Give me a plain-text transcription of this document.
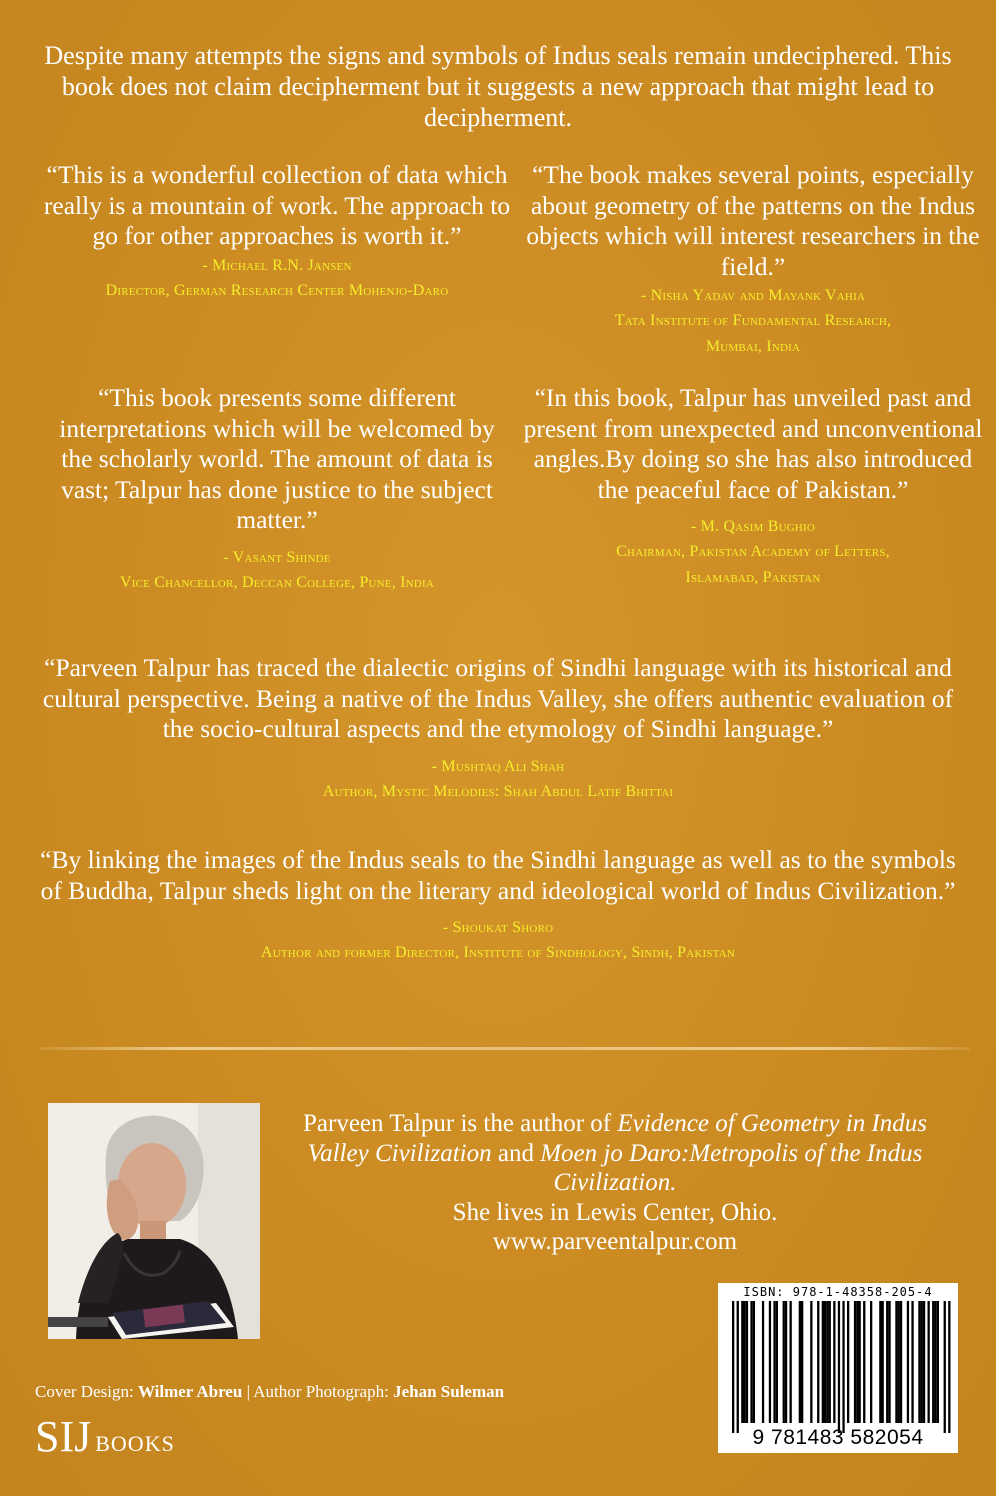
Despite many attempts the signs and symbols of Indus seals remain undeciphered. This book does not claim decipherment but it suggests a new approach that might lead to decipherment.
“This is a wonderful collection of data which really is a mountain of work. The approach to go for other approaches is worth it.”
- Michael R.N. Jansen
Director, German Research Center Mohenjo-Daro
“The book makes several points, especially about geometry of the patterns on the Indus objects which will interest researchers in the field.”
- Nisha Yadav and Mayank Vahia
Tata Institute of Fundamental Research,
Mumbai, India
“This book presents some different interpretations which will be welcomed by the scholarly world. The amount of data is vast; Talpur has done justice to the subject matter.”
- Vasant Shinde
Vice Chancellor, Deccan College, Pune, India
“In this book, Talpur has unveiled past and present from unexpected and unconventional angles.By doing so she has also introduced the peaceful face of Pakistan.”
- M. Qasim Bughio
Chairman, Pakistan Academy of Letters,
Islamabad, Pakistan
“Parveen Talpur has traced the dialectic origins of Sindhi language with its historical and cultural perspective. Being a native of the Indus Valley, she offers authentic evaluation of the socio-cultural aspects and the etymology of Sindhi language.”
- Mushtaq Ali Shah
Author, Mystic Melodies: Shah Abdul Latif Bhittai
“By linking the images of the Indus seals to the Sindhi language as well as to the symbols of Buddha, Talpur sheds light on the literary and ideological world of Indus Civilization.”
- Shoukat Shoro
Author and former Director, Institute of Sindhology, Sindh, Pakistan
Parveen Talpur is the author of Evidence of Geometry in Indus Valley Civilization and Moen jo Daro:Metropolis of the Indus Civilization.
She lives in Lewis Center, Ohio.
www.parveentalpur.com
Cover Design: Wilmer Abreu | Author Photograph: Jehan Suleman
SIJ BOOKS
ISBN: 978-1-48358-205-4
9 781483 582054
